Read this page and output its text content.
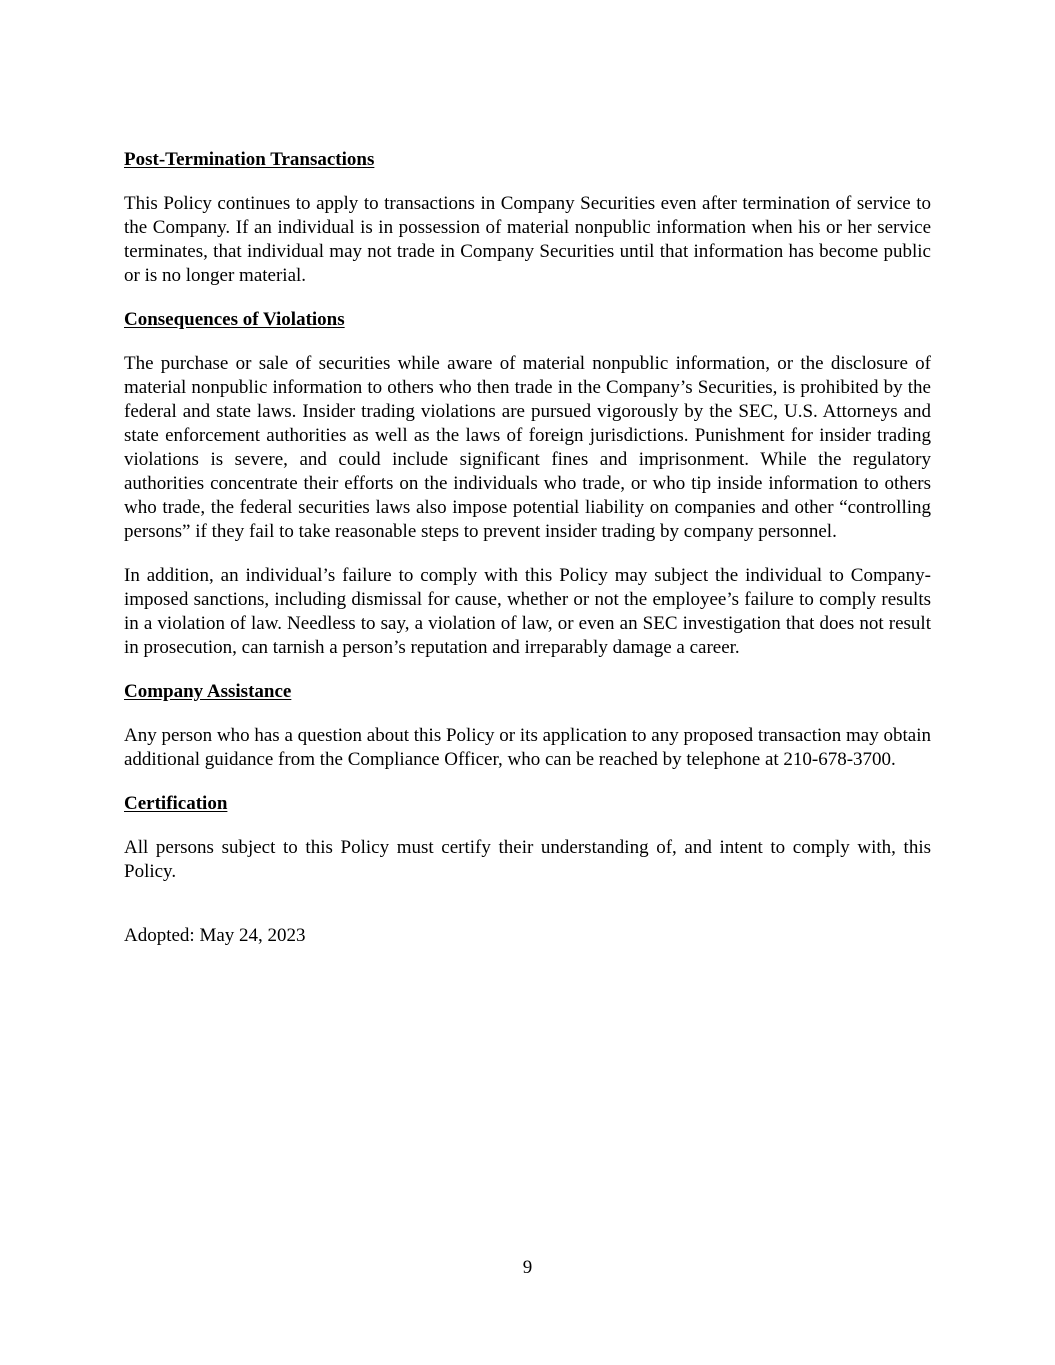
Post-Termination Transactions

This Policy continues to apply to transactions in Company Securities even after termination of service to the Company. If an individual is in possession of material nonpublic information when his or her service terminates, that individual may not trade in Company Securities until that information has become public or is no longer material.

Consequences of Violations

The purchase or sale of securities while aware of material nonpublic information, or the disclosure of material nonpublic information to others who then trade in the Company’s Securities, is prohibited by the federal and state laws. Insider trading violations are pursued vigorously by the SEC, U.S. Attorneys and state enforcement authorities as well as the laws of foreign jurisdictions. Punishment for insider trading violations is severe, and could include significant fines and imprisonment. While the regulatory authorities concentrate their efforts on the individuals who trade, or who tip inside information to others who trade, the federal securities laws also impose potential liability on companies and other “controlling persons” if they fail to take reasonable steps to prevent insider trading by company personnel.

In addition, an individual’s failure to comply with this Policy may subject the individual to Company-imposed sanctions, including dismissal for cause, whether or not the employee’s failure to comply results in a violation of law. Needless to say, a violation of law, or even an SEC investigation that does not result in prosecution, can tarnish a person’s reputation and irreparably damage a career.

Company Assistance

Any person who has a question about this Policy or its application to any proposed transaction may obtain additional guidance from the Compliance Officer, who can be reached by telephone at 210-678-3700.

Certification

All persons subject to this Policy must certify their understanding of, and intent to comply with, this Policy.

Adopted: May 24, 2023
9
